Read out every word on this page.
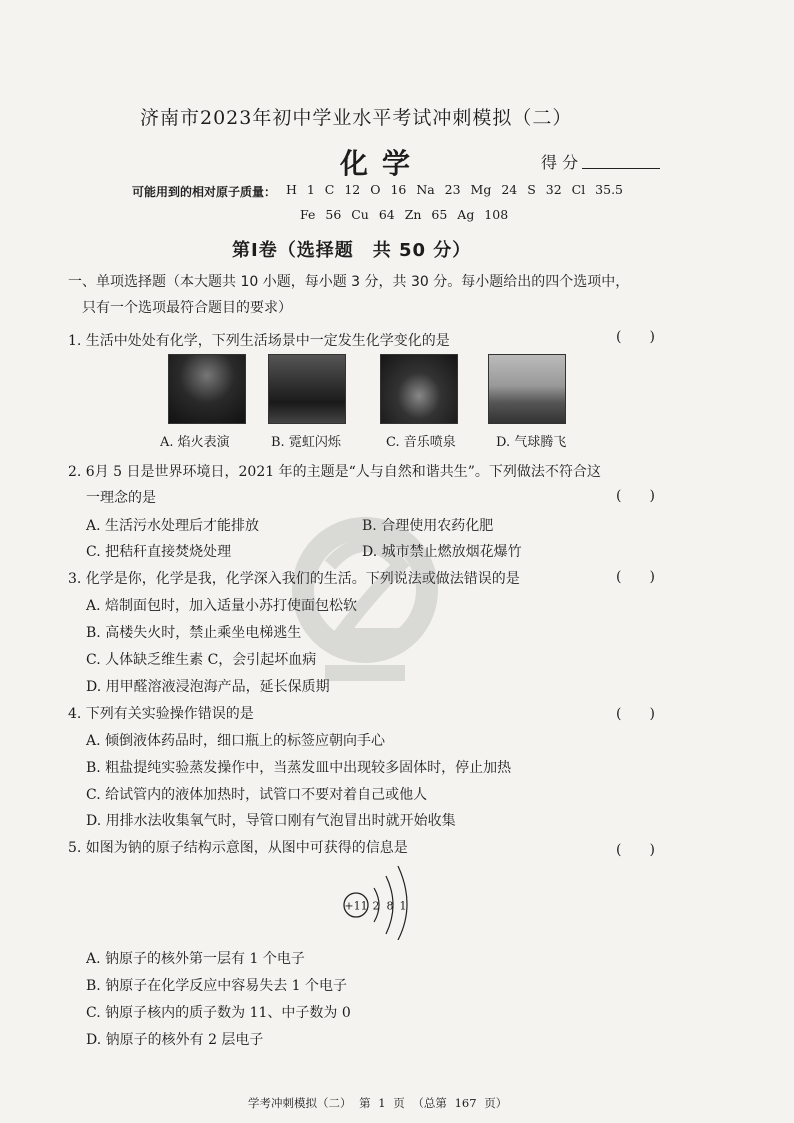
济南市2023年初中学业水平考试冲刺模拟（二）
化学	得 分
可能用到的相对原子质量： H 1 C 12 O 16 Na 23 Mg 24 S 32 Cl 35.5
Fe 56 Cu 64 Zn 65 Ag 108
第Ⅰ卷（选择题　共 50 分）
一、单项选择题（本大题共 10 小题，每小题 3 分，共 30 分。每小题给出的四个选项中，
只有一个选项最符合题目的要求）
1. 生活中处处有化学，下列生活场景中一定发生化学变化的是	(　　)
A. 焰火表演	B. 霓虹闪烁	C. 音乐喷泉	D. 气球腾飞
2. 6月 5 日是世界环境日，2021 年的主题是“人与自然和谐共生”。下列做法不符合这
一理念的是	(　　)
A. 生活污水处理后才能排放	B. 合理使用农药化肥
C. 把秸秆直接焚烧处理	D. 城市禁止燃放烟花爆竹
3. 化学是你，化学是我，化学深入我们的生活。下列说法或做法错误的是	(　　)
A. 焙制面包时，加入适量小苏打使面包松软
B. 高楼失火时，禁止乘坐电梯逃生
C. 人体缺乏维生素 C，会引起坏血病
D. 用甲醛溶液浸泡海产品，延长保质期
4. 下列有关实验操作错误的是	(　　)
A. 倾倒液体药品时，细口瓶上的标签应朝向手心
B. 粗盐提纯实验蒸发操作中，当蒸发皿中出现较多固体时，停止加热
C. 给试管内的液体加热时，试管口不要对着自己或他人
D. 用排水法收集氧气时，导管口刚有气泡冒出时就开始收集
5. 如图为钠的原子结构示意图，从图中可获得的信息是	(　　)
+11 2 8 1
A. 钠原子的核外第一层有 1 个电子
B. 钠原子在化学反应中容易失去 1 个电子
C. 钠原子核内的质子数为 11、中子数为 0
D. 钠原子的核外有 2 层电子
学考冲刺模拟（二） 第 1 页 （总第 167 页）
